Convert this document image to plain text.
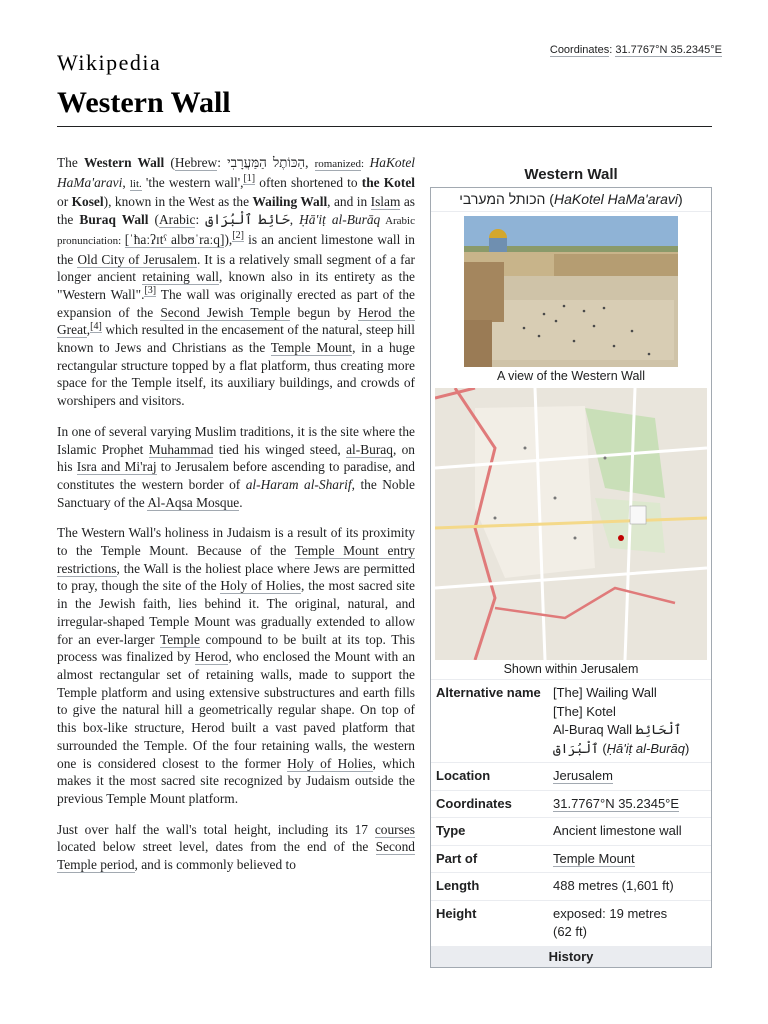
Wikipedia	Coordinates: 31.7767°N 35.2345°E
Western Wall

The Western Wall (Hebrew: הַכּוֹתֶל הַמַּעֲרָבִי, romanized: HaKotel HaMa'aravi, lit. 'the western wall',[1] often shortened to the Kotel or Kosel), known in the West as the Wailing Wall, and in Islam as the Buraq Wall (Arabic: حَائِط ٱلْبُرَاق, Ḥā'iṭ al-Burāq Arabic pronunciation: [ˈħaːʔɪtˤ albʊˈraːq]),[2] is an ancient limestone wall in the Old City of Jerusalem. It is a relatively small segment of a far longer ancient retaining wall, known also in its entirety as the "Western Wall".[3] The wall was originally erected as part of the expansion of the Second Jewish Temple begun by Herod the Great,[4] which resulted in the encasement of the natural, steep hill known to Jews and Christians as the Temple Mount, in a huge rectangular structure topped by a flat platform, thus creating more space for the Temple itself, its auxiliary buildings, and crowds of worshipers and visitors.

In one of several varying Muslim traditions, it is the site where the Islamic Prophet Muhammad tied his winged steed, al-Buraq, on his Isra and Mi'raj to Jerusalem before ascending to paradise, and constitutes the western border of al-Haram al-Sharif, the Noble Sanctuary of the Al-Aqsa Mosque.

The Western Wall's holiness in Judaism is a result of its proximity to the Temple Mount. Because of the Temple Mount entry restrictions, the Wall is the holiest place where Jews are permitted to pray, though the site of the Holy of Holies, the most sacred site in the Jewish faith, lies behind it. The original, natural, and irregular-shaped Temple Mount was gradually extended to allow for an ever-larger Temple compound to be built at its top. This process was finalized by Herod, who enclosed the Mount with an almost rectangular set of retaining walls, made to support the Temple platform and using extensive substructures and earth fills to give the natural hill a geometrically regular shape. On top of this box-like structure, Herod built a vast paved platform that surrounded the Temple. Of the four retaining walls, the western one is considered closest to the former Holy of Holies, which makes it the most sacred site recognized by Judaism outside the previous Temple Mount platform.

Just over half the wall's total height, including its 17 courses located below street level, dates from the end of the Second Temple period, and is commonly believed to

Western Wall
הכותל המערבי (HaKotel HaMa'aravi)
A view of the Western Wall
Shown within Jerusalem
Alternative name [The] Wailing Wall
[The] Kotel
Al-Buraq Wall ٱلْحَائِط
ٱلْبُرَاق (Ḥā'iṭ al-Burāq)
Location	Jerusalem
Coordinates	31.7767°N 35.2345°E
Type	Ancient limestone wall
Part of	Temple Mount
Length	488 metres (1,601 ft)
Height	exposed: 19 metres
(62 ft)
History
